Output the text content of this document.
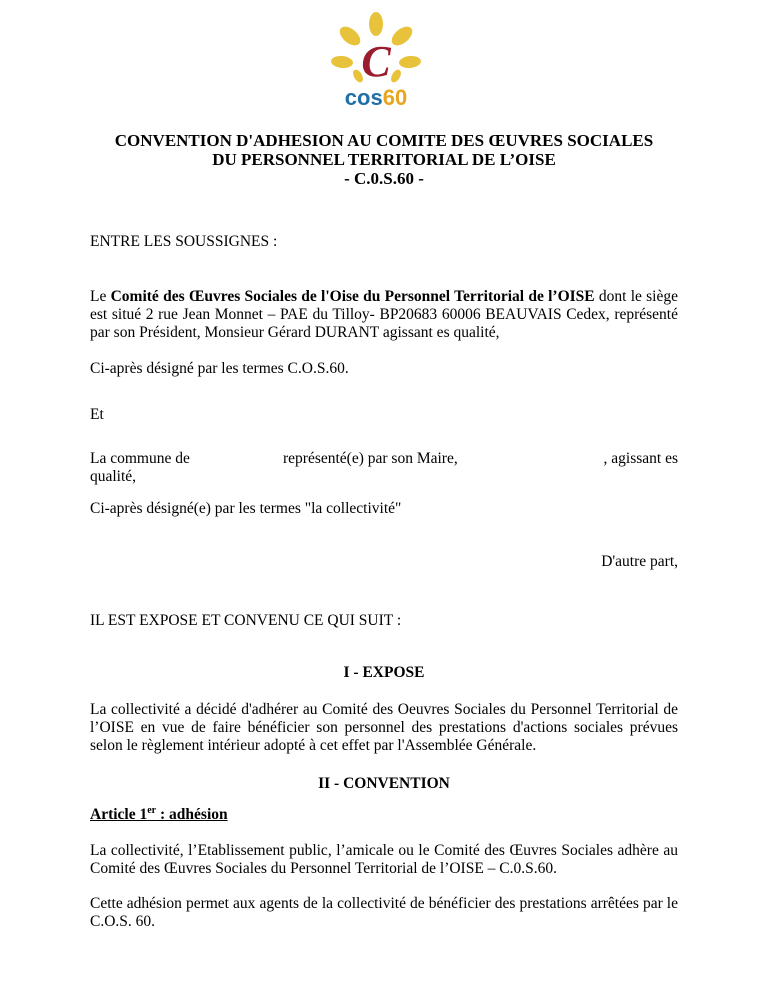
C
cos60
CONVENTION D'ADHESION AU COMITE DES ŒUVRES SOCIALES
DU PERSONNEL TERRITORIAL DE L’OISE
- C.0.S.60 -
ENTRE LES SOUSSIGNES :
Le Comité des Œuvres Sociales de l'Oise du Personnel Territorial de l’OISE dont le siège
est situé 2 rue Jean Monnet – PAE du Tilloy- BP20683 60006 BEAUVAIS Cedex, représenté
par son Président, Monsieur Gérard DURANT agissant es qualité,
Ci-après désigné par les termes C.O.S.60.
Et
La commune de	représenté(e) par son Maire,	, agissant es
qualité,
Ci-après désigné(e) par les termes "la collectivité"
D'autre part,
IL EST EXPOSE ET CONVENU CE QUI SUIT :
I - EXPOSE
La collectivité a décidé d'adhérer au Comité des Oeuvres Sociales du Personnel Territorial de
l’OISE en vue de faire bénéficier son personnel des prestations d'actions sociales prévues
selon le règlement intérieur adopté à cet effet par l'Assemblée Générale.
II - CONVENTION
Article 1er : adhésion
La collectivité, l’Etablissement public, l’amicale ou le Comité des Œuvres Sociales adhère au
Comité des Œuvres Sociales du Personnel Territorial de l’OISE – C.0.S.60.
Cette adhésion permet aux agents de la collectivité de bénéficier des prestations arrêtées par le
C.O.S. 60.
